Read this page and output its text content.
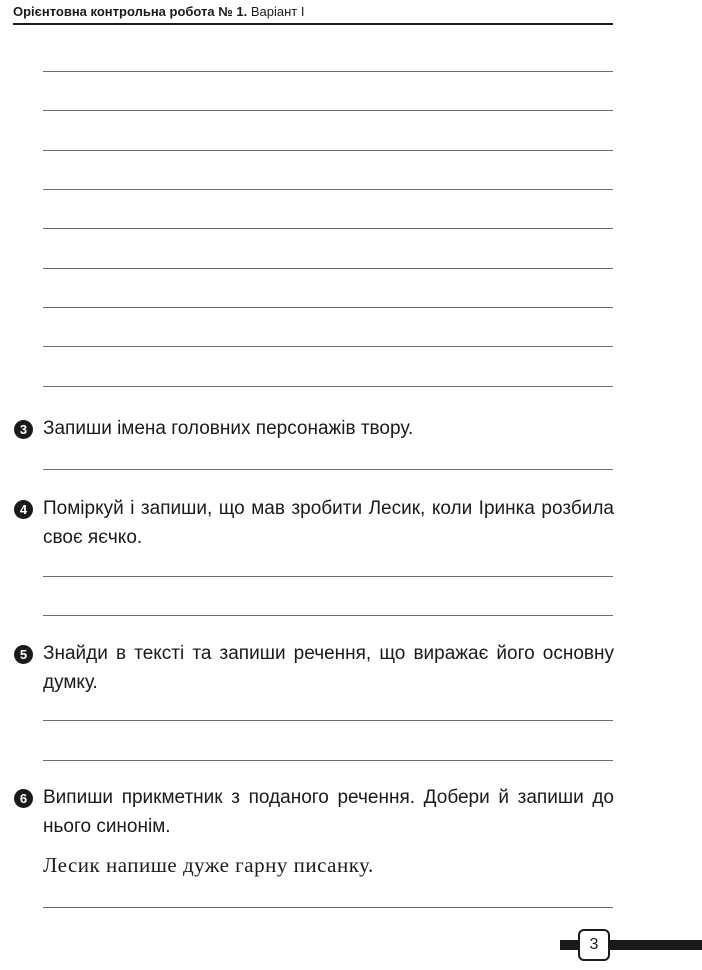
Орієнтовна контрольна робота № 1. Варіант І
3 Запиши імена головних персонажів твору.
4 Поміркуй і запиши, що мав зробити Лесик, коли Іринка розбила своє яєчко.
5 Знайди в тексті та запиши речення, що виражає його основну думку.
6 Випиши прикметник з поданого речення. Добери й запиши до нього синонім.
Лесик напише дуже гарну писанку.
3
